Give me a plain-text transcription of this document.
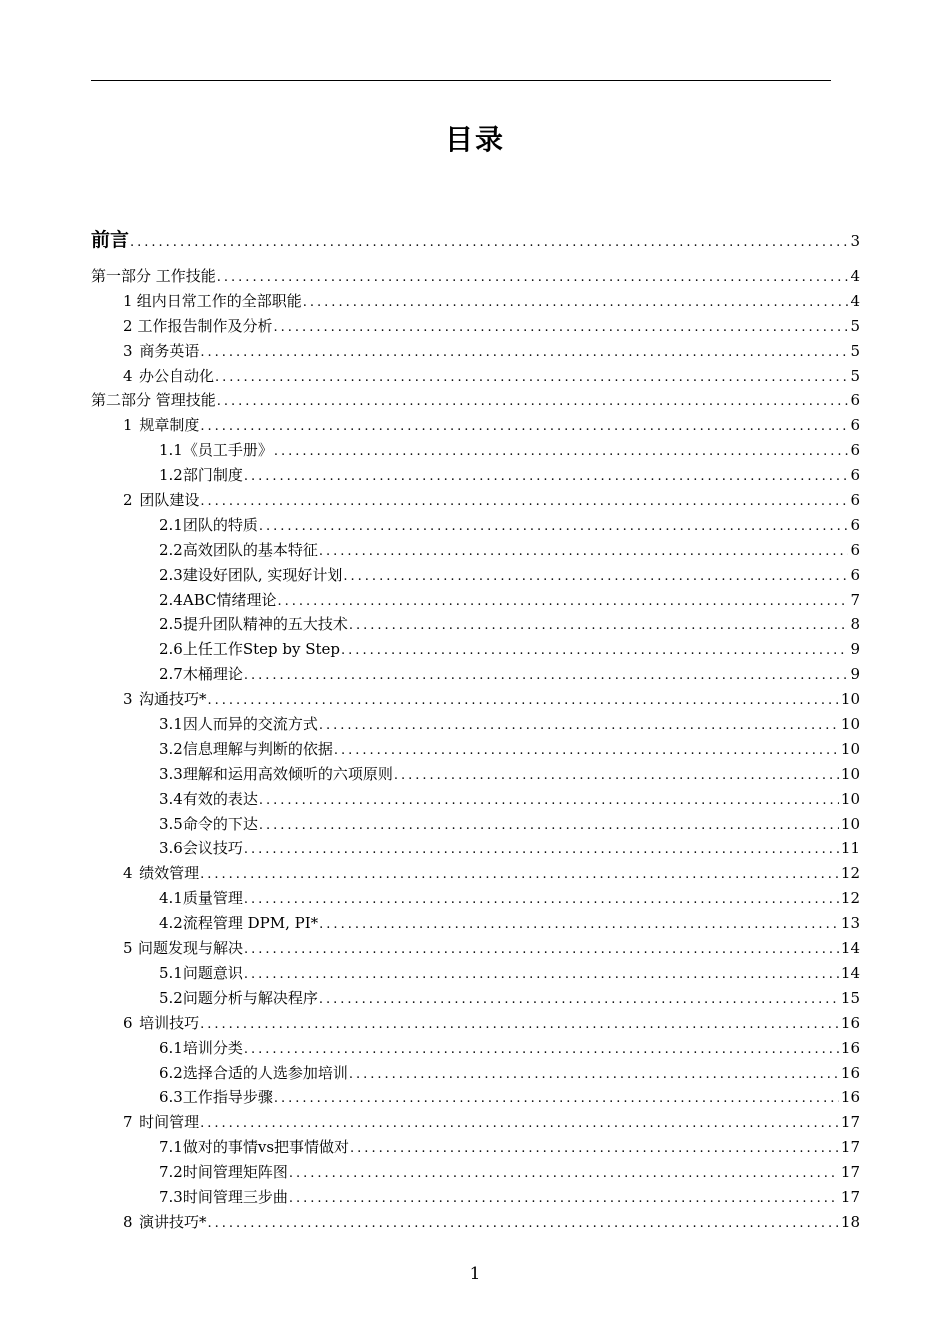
目录
前言 .....	3
第一部分 工作技能 .....	4
1 组内日常工作的全部职能 .....	4
2 工作报告制作及分析 .....	5
3 商务英语 .....	5
4 办公自动化 .....	5
第二部分 管理技能 .....	6
1 规章制度 .....	6
1.1 《员工手册》 .....	6
1.2 部门制度 .....	6
2 团队建设 .....	6
2.1 团队的特质 .....	6
2.2 高效团队的基本特征 .....	6
2.3 建设好团队, 实现好计划 .....	6
2.4 ABC情绪理论 .....	7
2.5 提升团队精神的五大技术 .....	8
2.6 上任工作Step by Step .....	9
2.7 木桶理论 .....	9
3 沟通技巧* .....	10
3.1 因人而异的交流方式 .....	10
3.2 信息理解与判断的依据 .....	10
3.3 理解和运用高效倾听的六项原则 .....	10
3.4 有效的表达 .....	10
3.5 命令的下达 .....	10
3.6 会议技巧 .....	11
4 绩效管理 .....	12
4.1 质量管理 .....	12
4.2 流程管理 DPM, PI* .....	13
5 问题发现与解决 .....	14
5.1 问题意识 .....	14
5.2 问题分析与解决程序 .....	15
6 培训技巧 .....	16
6.1 培训分类 .....	16
6.2 选择合适的人选参加培训 .....	16
6.3 工作指导步骤 .....	16
7 时间管理 .....	17
7.1 做对的事情vs把事情做对 .....	17
7.2 时间管理矩阵图 .....	17
7.3 时间管理三步曲 .....	17
8 演讲技巧* .....	18
1
